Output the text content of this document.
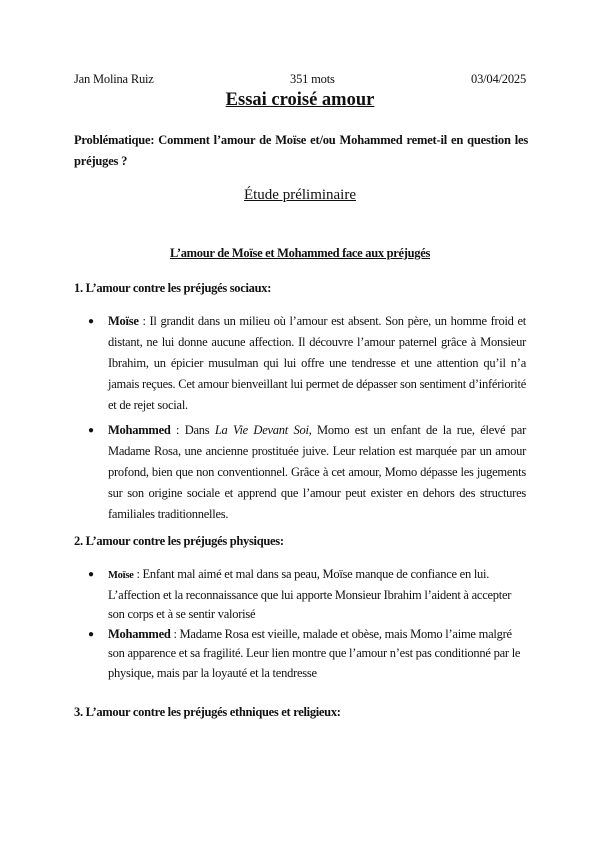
Jan Molina Ruiz	351 mots	03/04/2025
Essai croisé amour
Problématique: Comment l’amour de Moïse et/ou Mohammed remet-il en question les préjuges ?
Étude préliminaire
L’amour de Moïse et Mohammed face aux préjugés
1. L’amour contre les préjugés sociaux:
● Moïse : Il grandit dans un milieu où l’amour est absent. Son père, un homme froid et distant, ne lui donne aucune affection. Il découvre l’amour paternel grâce à Monsieur Ibrahim, un épicier musulman qui lui offre une tendresse et une attention qu’il n’a jamais reçues. Cet amour bienveillant lui permet de dépasser son sentiment d’infériorité et de rejet social.
● Mohammed : Dans La Vie Devant Soi, Momo est un enfant de la rue, élevé par Madame Rosa, une ancienne prostituée juive. Leur relation est marquée par un amour profond, bien que non conventionnel. Grâce à cet amour, Momo dépasse les jugements sur son origine sociale et apprend que l’amour peut exister en dehors des structures familiales traditionnelles.
2. L’amour contre les préjugés physiques:
● Moïse : Enfant mal aimé et mal dans sa peau, Moïse manque de confiance en lui. L’affection et la reconnaissance que lui apporte Monsieur Ibrahim l’aident à accepter son corps et à se sentir valorisé
● Mohammed : Madame Rosa est vieille, malade et obèse, mais Momo l’aime malgré son apparence et sa fragilité. Leur lien montre que l’amour n’est pas conditionné par le physique, mais par la loyauté et la tendresse
3. L’amour contre les préjugés ethniques et religieux:
